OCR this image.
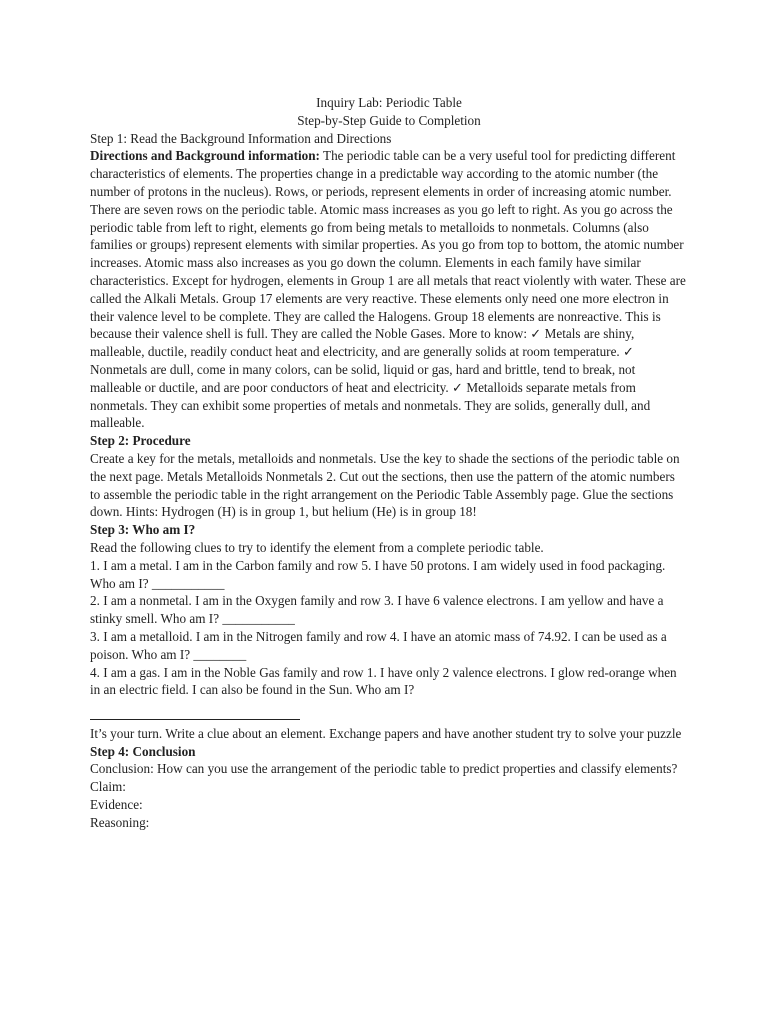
Inquiry Lab: Periodic Table

Step-by-Step Guide to Completion

Step 1: Read the Background Information and Directions

Directions and Background information: The periodic table can be a very useful tool for predicting different characteristics of elements. The properties change in a predictable way according to the atomic number (the number of protons in the nucleus). Rows, or periods, represent elements in order of increasing atomic number. There are seven rows on the periodic table. Atomic mass increases as you go left to right. As you go across the periodic table from left to right, elements go from being metals to metalloids to nonmetals. Columns (also families or groups) represent elements with similar properties. As you go from top to bottom, the atomic number increases. Atomic mass also increases as you go down the column. Elements in each family have similar characteristics. Except for hydrogen, elements in Group 1 are all metals that react violently with water. These are called the Alkali Metals. Group 17 elements are very reactive. These elements only need one more electron in their valence level to be complete. They are called the Halogens. Group 18 elements are nonreactive. This is because their valence shell is full. They are called the Noble Gases. More to know: ✓ Metals are shiny, malleable, ductile, readily conduct heat and electricity, and are generally solids at room temperature. ✓ Nonmetals are dull, come in many colors, can be solid, liquid or gas, hard and brittle, tend to break, not malleable or ductile, and are poor conductors of heat and electricity. ✓ Metalloids separate metals from nonmetals. They can exhibit some properties of metals and nonmetals. They are solids, generally dull, and malleable.

Step 2: Procedure

Create a key for the metals, metalloids and nonmetals. Use the key to shade the sections of the periodic table on the next page. Metals Metalloids Nonmetals 2. Cut out the sections, then use the pattern of the atomic numbers to assemble the periodic table in the right arrangement on the Periodic Table Assembly page. Glue the sections down. Hints: Hydrogen (H) is in group 1, but helium (He) is in group 18!

Step 3: Who am I?

Read the following clues to try to identify the element from a complete periodic table.

1. I am a metal. I am in the Carbon family and row 5. I have 50 protons. I am widely used in food packaging. Who am I? ___________

2. I am a nonmetal. I am in the Oxygen family and row 3. I have 6 valence electrons. I am yellow and have a stinky smell. Who am I? ___________

3. I am a metalloid. I am in the Nitrogen family and row 4. I have an atomic mass of 74.92. I can be used as a poison. Who am I? ________

4. I am a gas. I am in the Noble Gas family and row 1. I have only 2 valence electrons. I glow red-orange when in an electric field. I can also be found in the Sun. Who am I?

It’s your turn. Write a clue about an element. Exchange papers and have another student try to solve your puzzle

Step 4: Conclusion

Conclusion: How can you use the arrangement of the periodic table to predict properties and classify elements?

Claim:

Evidence:

Reasoning:
